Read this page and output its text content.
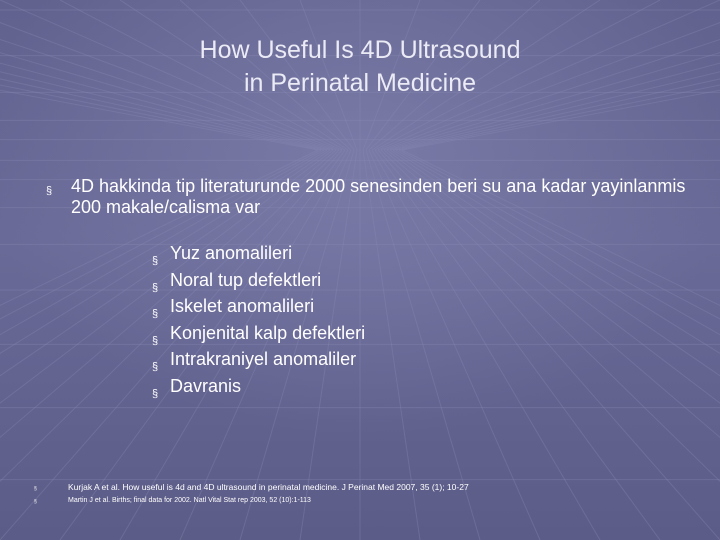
How Useful Is 4D Ultrasound
in Perinatal Medicine
§ 4D hakkinda tip literaturunde 2000 senesinden beri su ana kadar yayinlanmis 200 makale/calisma var
§ Yuz anomalileri
§ Noral tup defektleri
§ Iskelet anomalileri
§ Konjenital kalp defektleri
§ Intrakraniyel anomaliler
§ Davranis
§	Kurjak A et al. How useful is 4d and 4D ultrasound in perinatal medicine. J Perinat Med 2007, 35 (1); 10-27
§	Martin J et al. Births; final data for 2002. Natl Vital Stat rep 2003, 52 (10):1-113
